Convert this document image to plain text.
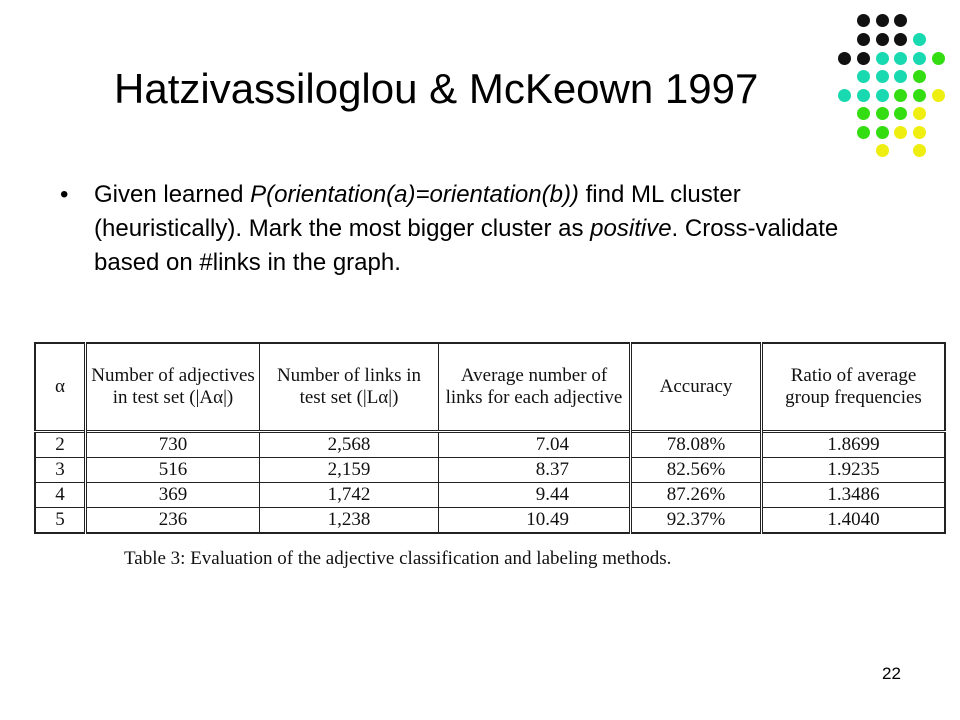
Hatzivassiloglou & McKeown 1997
• Given learned P(orientation(a)=orientation(b)) find ML cluster (heuristically). Mark the most bigger cluster as positive. Cross-validate based on #links in the graph.
α	Number of adjectives in test set (|Aα|)	Number of links in test set (|Lα|)	Average number of links for each adjective	Accuracy	Ratio of average group frequencies
2	730	2,568	7.04	78.08%	1.8699
3	516	2,159	8.37	82.56%	1.9235
4	369	1,742	9.44	87.26%	1.3486
5	236	1,238	10.49	92.37%	1.4040
Table 3: Evaluation of the adjective classification and labeling methods.
22
